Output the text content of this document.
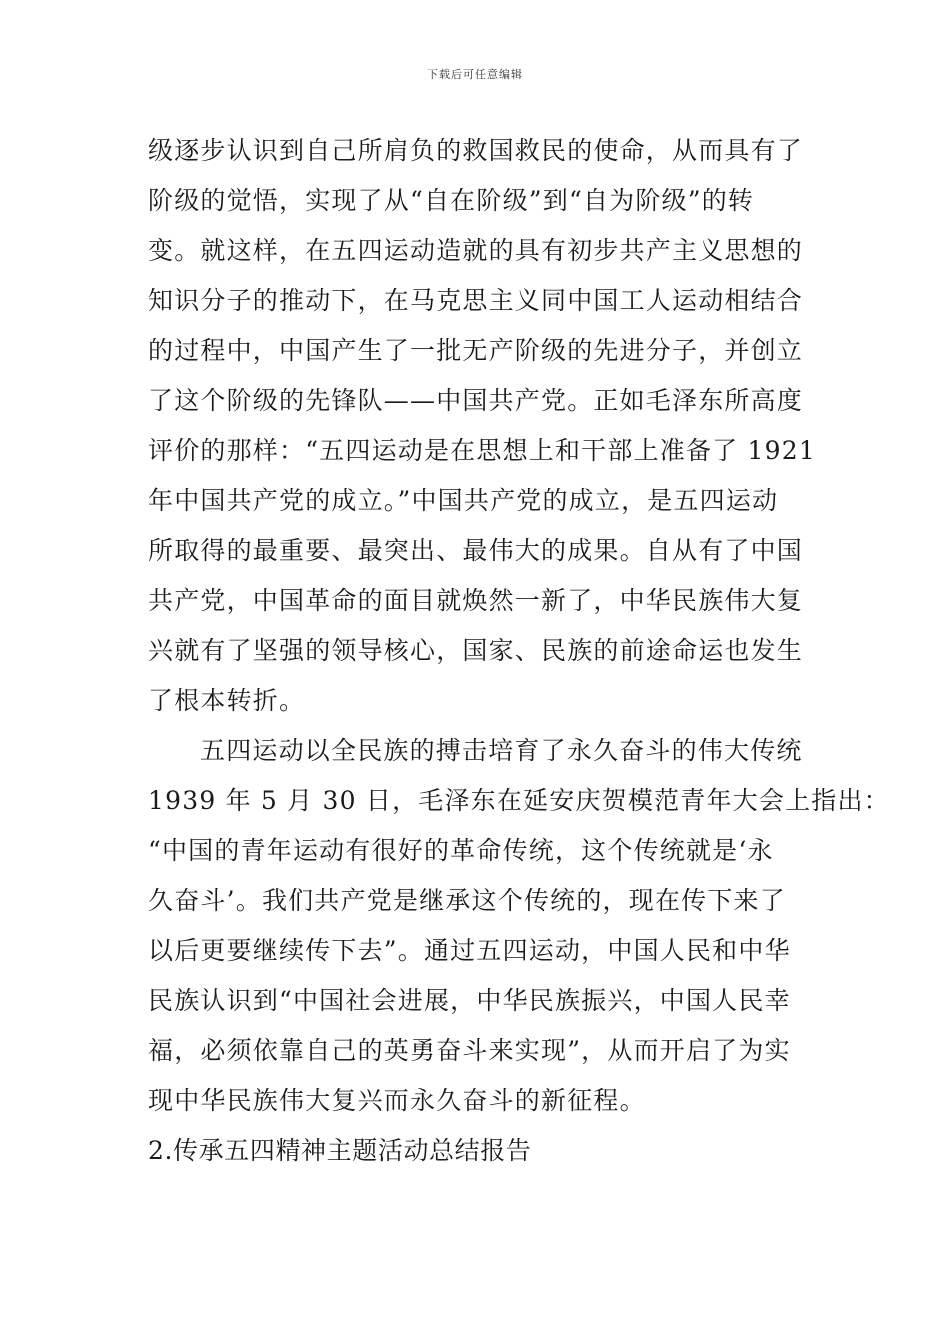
下载后可任意编辑
级逐步认识到自己所肩负的救国救民的使命，从而具有了
阶级的觉悟，实现了从“自在阶级”到“自为阶级”的转
变。就这样，在五四运动造就的具有初步共产主义思想的
知识分子的推动下，在马克思主义同中国工人运动相结合
的过程中，中国产生了一批无产阶级的先进分子，并创立
了这个阶级的先锋队——中国共产党。正如毛泽东所高度
评价的那样：“五四运动是在思想上和干部上准备了 1921
年中国共产党的成立。”中国共产党的成立，是五四运动
所取得的最重要、最突出、最伟大的成果。自从有了中国
共产党，中国革命的面目就焕然一新了，中华民族伟大复
兴就有了坚强的领导核心，国家、民族的前途命运也发生
了根本转折。
五四运动以全民族的搏击培育了永久奋斗的伟大传统
1939 年 5 月 30 日，毛泽东在延安庆贺模范青年大会上指出：
“中国的青年运动有很好的革命传统，这个传统就是‘永
久奋斗’。我们共产党是继承这个传统的，现在传下来了
以后更要继续传下去”。通过五四运动，中国人民和中华
民族认识到“中国社会进展，中华民族振兴，中国人民幸
福，必须依靠自己的英勇奋斗来实现”，从而开启了为实
现中华民族伟大复兴而永久奋斗的新征程。
2.传承五四精神主题活动总结报告
